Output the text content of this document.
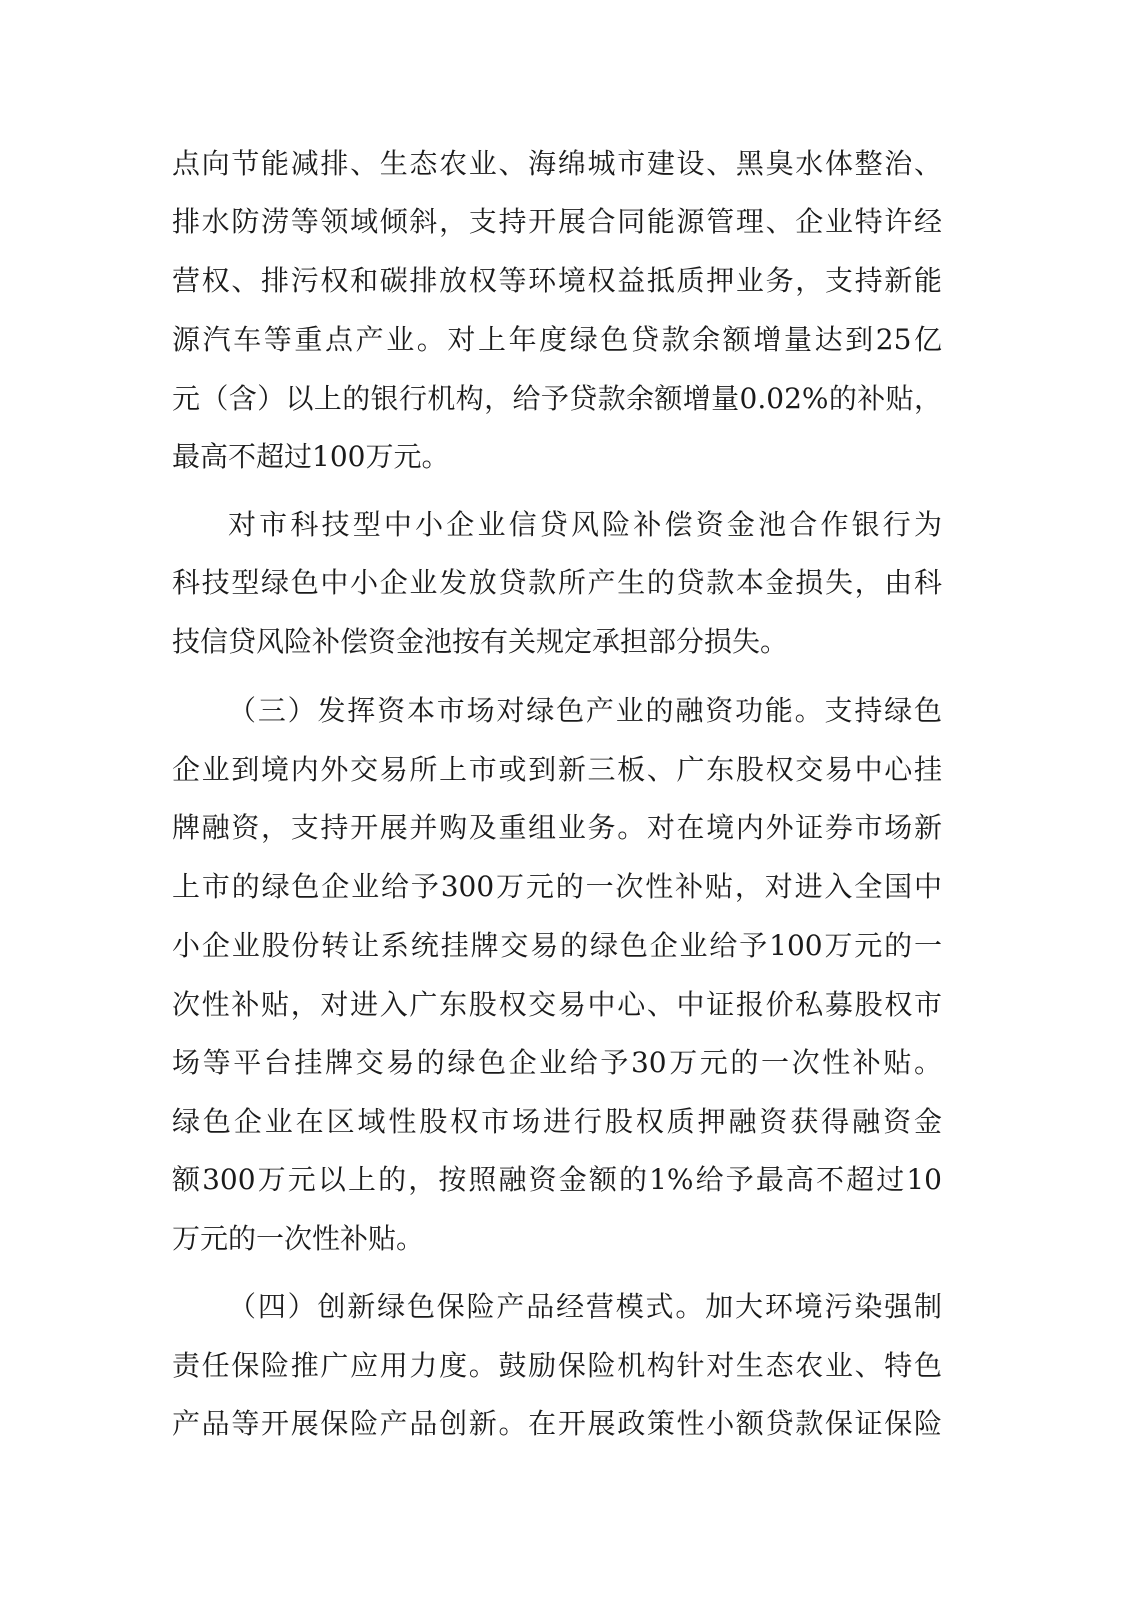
点向节能减排、生态农业、海绵城市建设、黑臭水体整治、
排水防涝等领域倾斜，支持开展合同能源管理、企业特许经
营权、排污权和碳排放权等环境权益抵质押业务，支持新能
源汽车等重点产业。对上年度绿色贷款余额增量达到25亿
元（含）以上的银行机构，给予贷款余额增量0.02%的补贴，
最高不超过100万元。
对市科技型中小企业信贷风险补偿资金池合作银行为
科技型绿色中小企业发放贷款所产生的贷款本金损失，由科
技信贷风险补偿资金池按有关规定承担部分损失。
（三）发挥资本市场对绿色产业的融资功能。支持绿色
企业到境内外交易所上市或到新三板、广东股权交易中心挂
牌融资，支持开展并购及重组业务。对在境内外证券市场新
上市的绿色企业给予300万元的一次性补贴，对进入全国中
小企业股份转让系统挂牌交易的绿色企业给予100万元的一
次性补贴，对进入广东股权交易中心、中证报价私募股权市
场等平台挂牌交易的绿色企业给予30万元的一次性补贴。
绿色企业在区域性股权市场进行股权质押融资获得融资金
额300万元以上的，按照融资金额的1%给予最高不超过10
万元的一次性补贴。
（四）创新绿色保险产品经营模式。加大环境污染强制
责任保险推广应用力度。鼓励保险机构针对生态农业、特色
产品等开展保险产品创新。在开展政策性小额贷款保证保险
